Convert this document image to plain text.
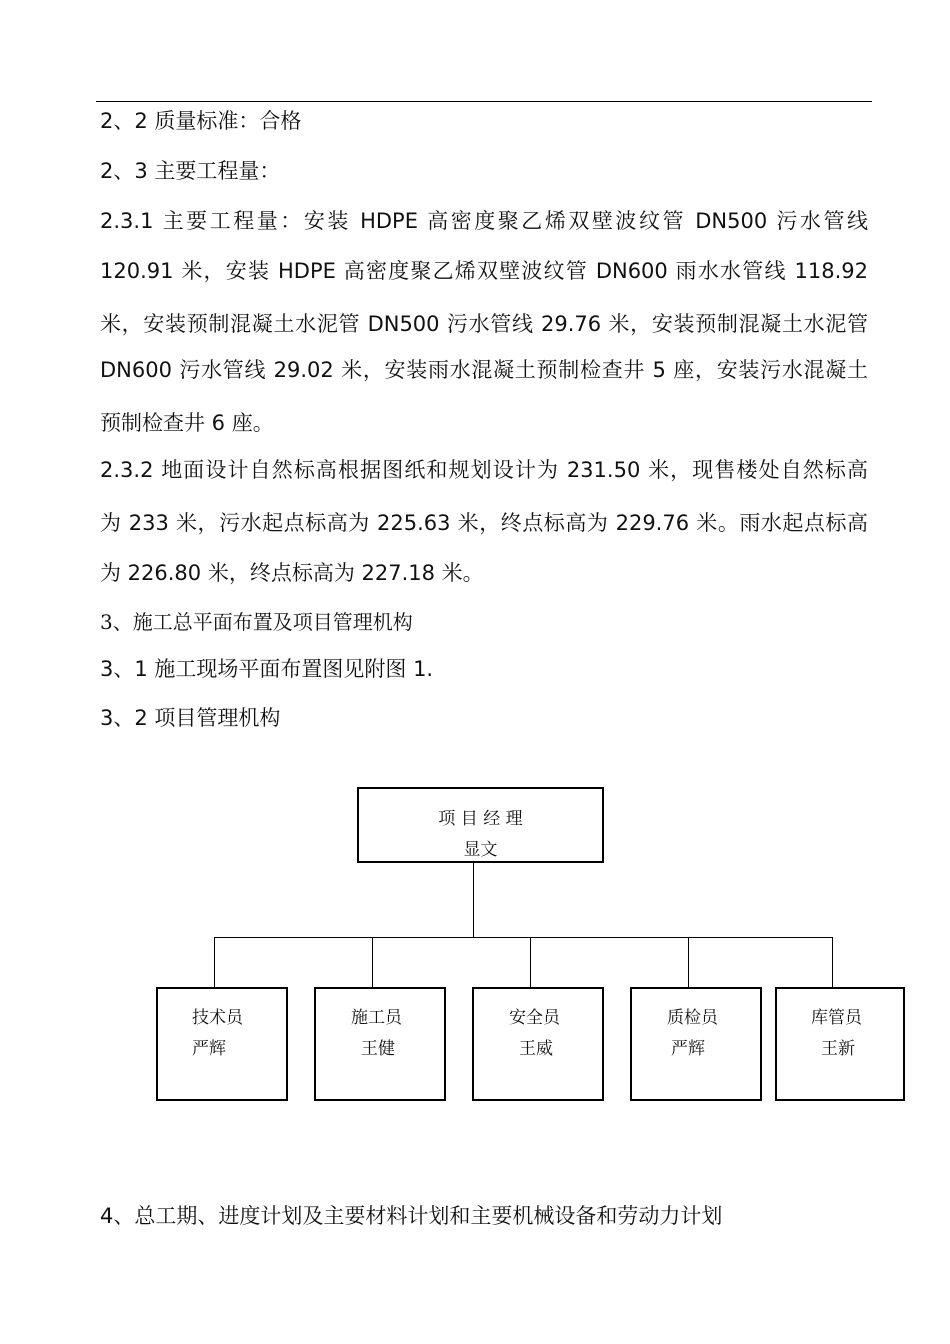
2、2 质量标准：合格
2、3 主要工程量：
2.3.1 主要工程量：安装 HDPE 高密度聚乙烯双壁波纹管 DN500 污水管线
120.91 米，安装 HDPE 高密度聚乙烯双壁波纹管 DN600 雨水水管线 118.92
米，安装预制混凝土水泥管 DN500 污水管线 29.76 米，安装预制混凝土水泥管
DN600 污水管线 29.02 米，安装雨水混凝土预制检查井 5 座，安装污水混凝土
预制检查井 6 座。
2.3.2 地面设计自然标高根据图纸和规划设计为 231.50 米，现售楼处自然标高
为 233 米，污水起点标高为 225.63 米，终点标高为 229.76 米。雨水起点标高
为 226.80 米，终点标高为 227.18 米。
3、施工总平面布置及项目管理机构
3、1 施工现场平面布置图见附图 1.
3、2 项目管理机构
项 目 经 理
显文
技术员
严辉
施工员
王健
安全员
王威
质检员
严辉
库管员
王新
4、总工期、进度计划及主要材料计划和主要机械设备和劳动力计划
